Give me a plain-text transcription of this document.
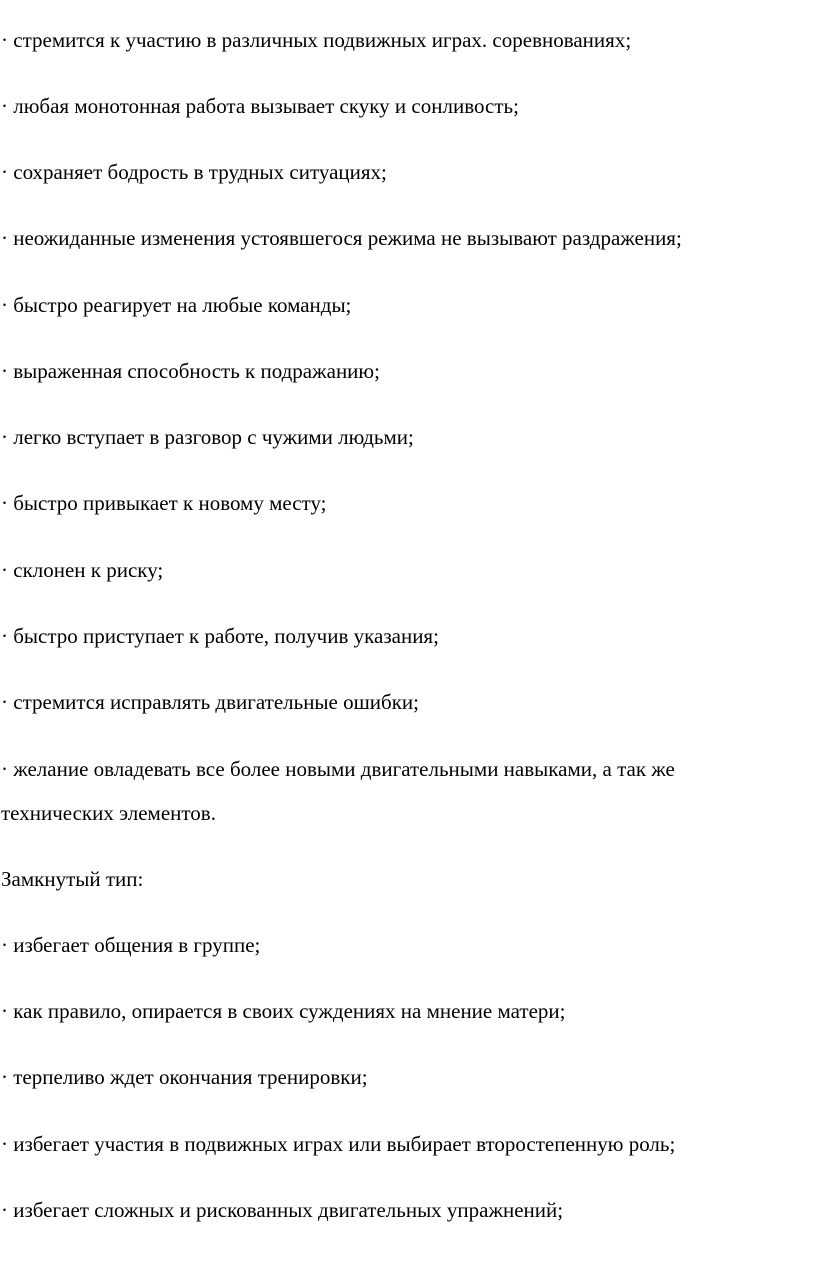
· стремится к участию в различных подвижных играх. соревнованиях;
· любая монотонная работа вызывает скуку и сонливость;
· сохраняет бодрость в трудных ситуациях;
· неожиданные изменения устоявшегося режима не вызывают раздражения;
· быстро реагирует на любые команды;
· выраженная способность к подражанию;
· легко вступает в разговор с чужими людьми;
· быстро привыкает к новому месту;
· склонен к риску;
· быстро приступает к работе, получив указания;
· стремится исправлять двигательные ошибки;
· желание овладевать все более новыми двигательными навыками, а так же
технических элементов.
Замкнутый тип:
· избегает общения в группе;
· как правило, опирается в своих суждениях на мнение матери;
· терпеливо ждет окончания тренировки;
· избегает участия в подвижных играх или выбирает второстепенную роль;
· избегает сложных и рискованных двигательных упражнений;
